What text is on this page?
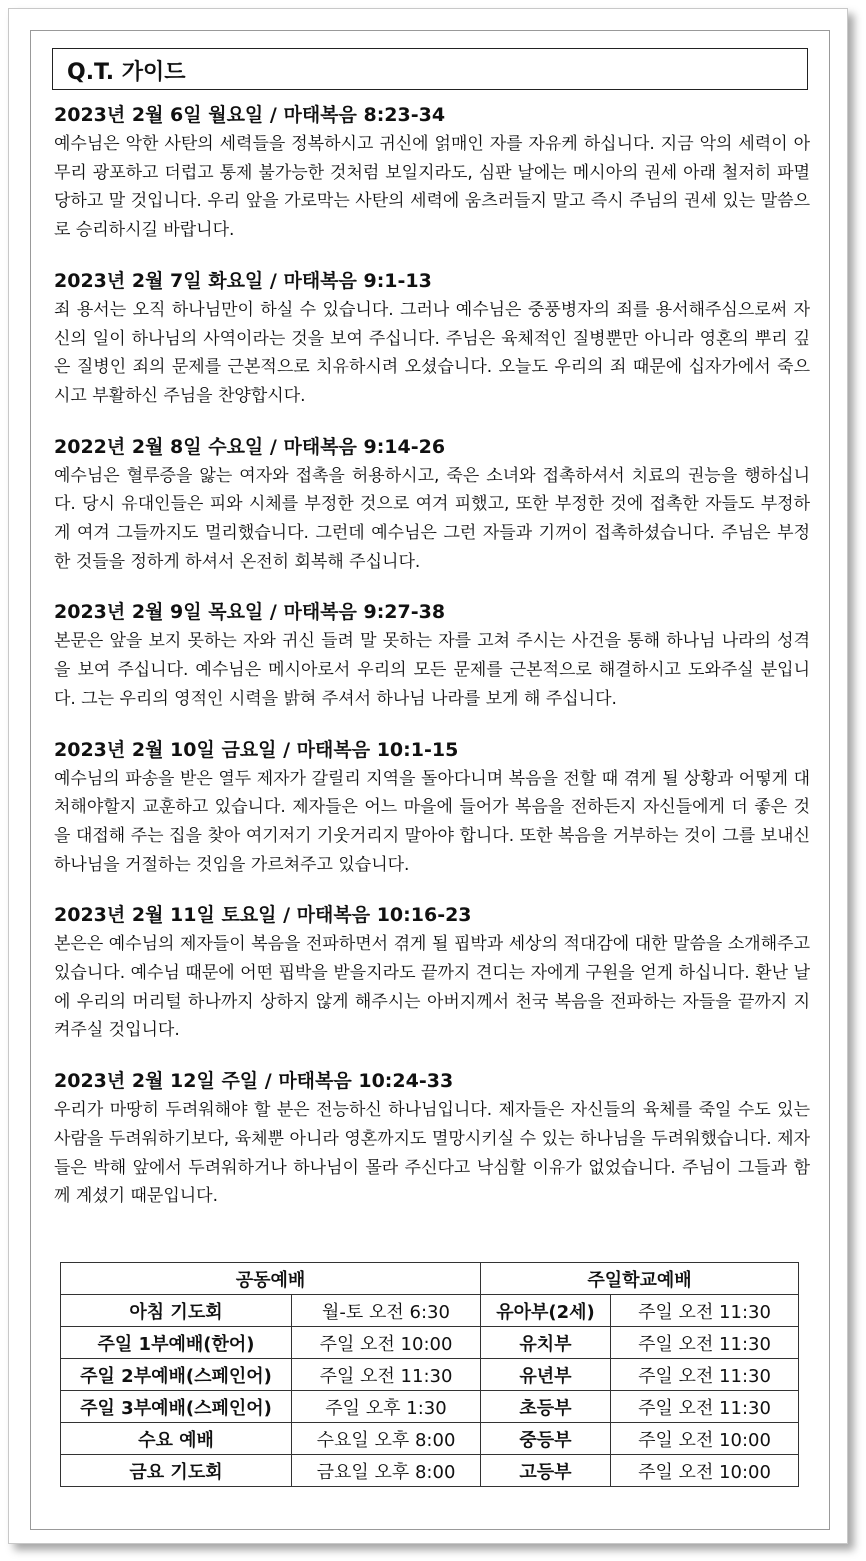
Q.T. 가이드
2023년 2월 6일 월요일 / 마태복음 8:23-34
예수님은 악한 사탄의 세력들을 정복하시고 귀신에 얽매인 자를 자유케 하십니다. 지금 악의 세력이 아무리 광포하고 더럽고 통제 불가능한 것처럼 보일지라도, 심판 날에는 메시아의 권세 아래 철저히 파멸당하고 말 것입니다. 우리 앞을 가로막는 사탄의 세력에 움츠러들지 말고 즉시 주님의 권세 있는 말씀으로 승리하시길 바랍니다.
2023년 2월 7일 화요일 / 마태복음 9:1-13
죄 용서는 오직 하나님만이 하실 수 있습니다. 그러나 예수님은 중풍병자의 죄를 용서해주심으로써 자신의 일이 하나님의 사역이라는 것을 보여 주십니다. 주님은 육체적인 질병뿐만 아니라 영혼의 뿌리 깊은 질병인 죄의 문제를 근본적으로 치유하시려 오셨습니다. 오늘도 우리의 죄 때문에 십자가에서 죽으시고 부활하신 주님을 찬양합시다.
2022년 2월 8일 수요일 / 마태복음 9:14-26
예수님은 혈루증을 앓는 여자와 접촉을 허용하시고, 죽은 소녀와 접촉하셔서 치료의 권능을 행하십니다. 당시 유대인들은 피와 시체를 부정한 것으로 여겨 피했고, 또한 부정한 것에 접촉한 자들도 부정하게 여겨 그들까지도 멀리했습니다. 그런데 예수님은 그런 자들과 기꺼이 접촉하셨습니다. 주님은 부정한 것들을 정하게 하셔서 온전히 회복해 주십니다.
2023년 2월 9일 목요일 / 마태복음 9:27-38
본문은 앞을 보지 못하는 자와 귀신 들려 말 못하는 자를 고쳐 주시는 사건을 통해 하나님 나라의 성격을 보여 주십니다. 예수님은 메시아로서 우리의 모든 문제를 근본적으로 해결하시고 도와주실 분입니다. 그는 우리의 영적인 시력을 밝혀 주셔서 하나님 나라를 보게 해 주십니다.
2023년 2월 10일 금요일 / 마태복음 10:1-15
예수님의 파송을 받은 열두 제자가 갈릴리 지역을 돌아다니며 복음을 전할 때 겪게 될 상황과 어떻게 대처해야할지 교훈하고 있습니다. 제자들은 어느 마을에 들어가 복음을 전하든지 자신들에게 더 좋은 것을 대접해 주는 집을 찾아 여기저기 기웃거리지 말아야 합니다. 또한 복음을 거부하는 것이 그를 보내신 하나님을 거절하는 것임을 가르쳐주고 있습니다.
2023년 2월 11일 토요일 / 마태복음 10:16-23
본은은 예수님의 제자들이 복음을 전파하면서 겪게 될 핍박과 세상의 적대감에 대한 말씀을 소개해주고 있습니다. 예수님 때문에 어떤 핍박을 받을지라도 끝까지 견디는 자에게 구원을 얻게 하십니다. 환난 날에 우리의 머리털 하나까지 상하지 않게 해주시는 아버지께서 천국 복음을 전파하는 자들을 끝까지 지켜주실 것입니다.
2023년 2월 12일 주일 / 마태복음 10:24-33
우리가 마땅히 두려워해야 할 분은 전능하신 하나님입니다. 제자들은 자신들의 육체를 죽일 수도 있는 사람을 두려워하기보다, 육체뿐 아니라 영혼까지도 멸망시키실 수 있는 하나님을 두려워했습니다. 제자들은 박해 앞에서 두려워하거나 하나님이 몰라 주신다고 낙심할 이유가 없었습니다. 주님이 그들과 함께 계셨기 때문입니다.
공동예배		주일학교예배	
아침 기도회	월-토 오전 6:30	유아부(2세)	주일 오전 11:30
주일 1부예배(한어)	주일 오전 10:00	유치부	주일 오전 11:30
주일 2부예배(스페인어)	주일 오전 11:30	유년부	주일 오전 11:30
주일 3부예배(스페인어)	주일 오후 1:30	초등부	주일 오전 11:30
수요 예배	수요일 오후 8:00	중등부	주일 오전 10:00
금요 기도회	금요일 오후 8:00	고등부	주일 오전 10:00
